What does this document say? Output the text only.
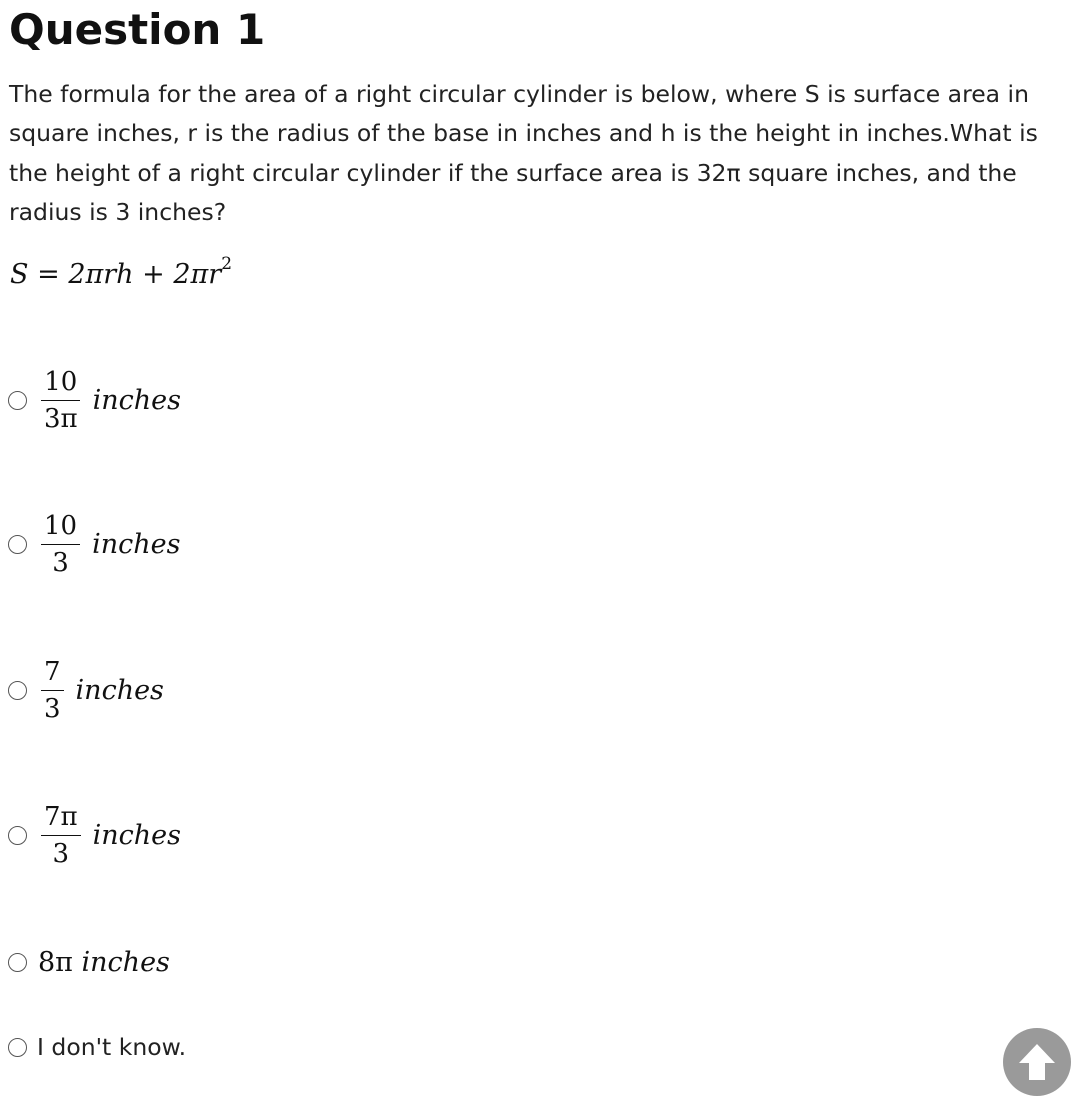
Question 1

The formula for the area of a right circular cylinder is below, where S is surface area in square inches, r is the radius of the base in inches and h is the height in inches.What is the height of a right circular cylinder if the surface area is 32π square inches, and the radius is 3 inches?

$S = 2\pi rh + 2\pi r^2$
$\frac{10}{3\pi}$ inches
$\frac{10}{3}$ inches
$\frac{7}{3}$ inches
$\frac{7\pi}{3}$ inches
8π inches
I don't know.
